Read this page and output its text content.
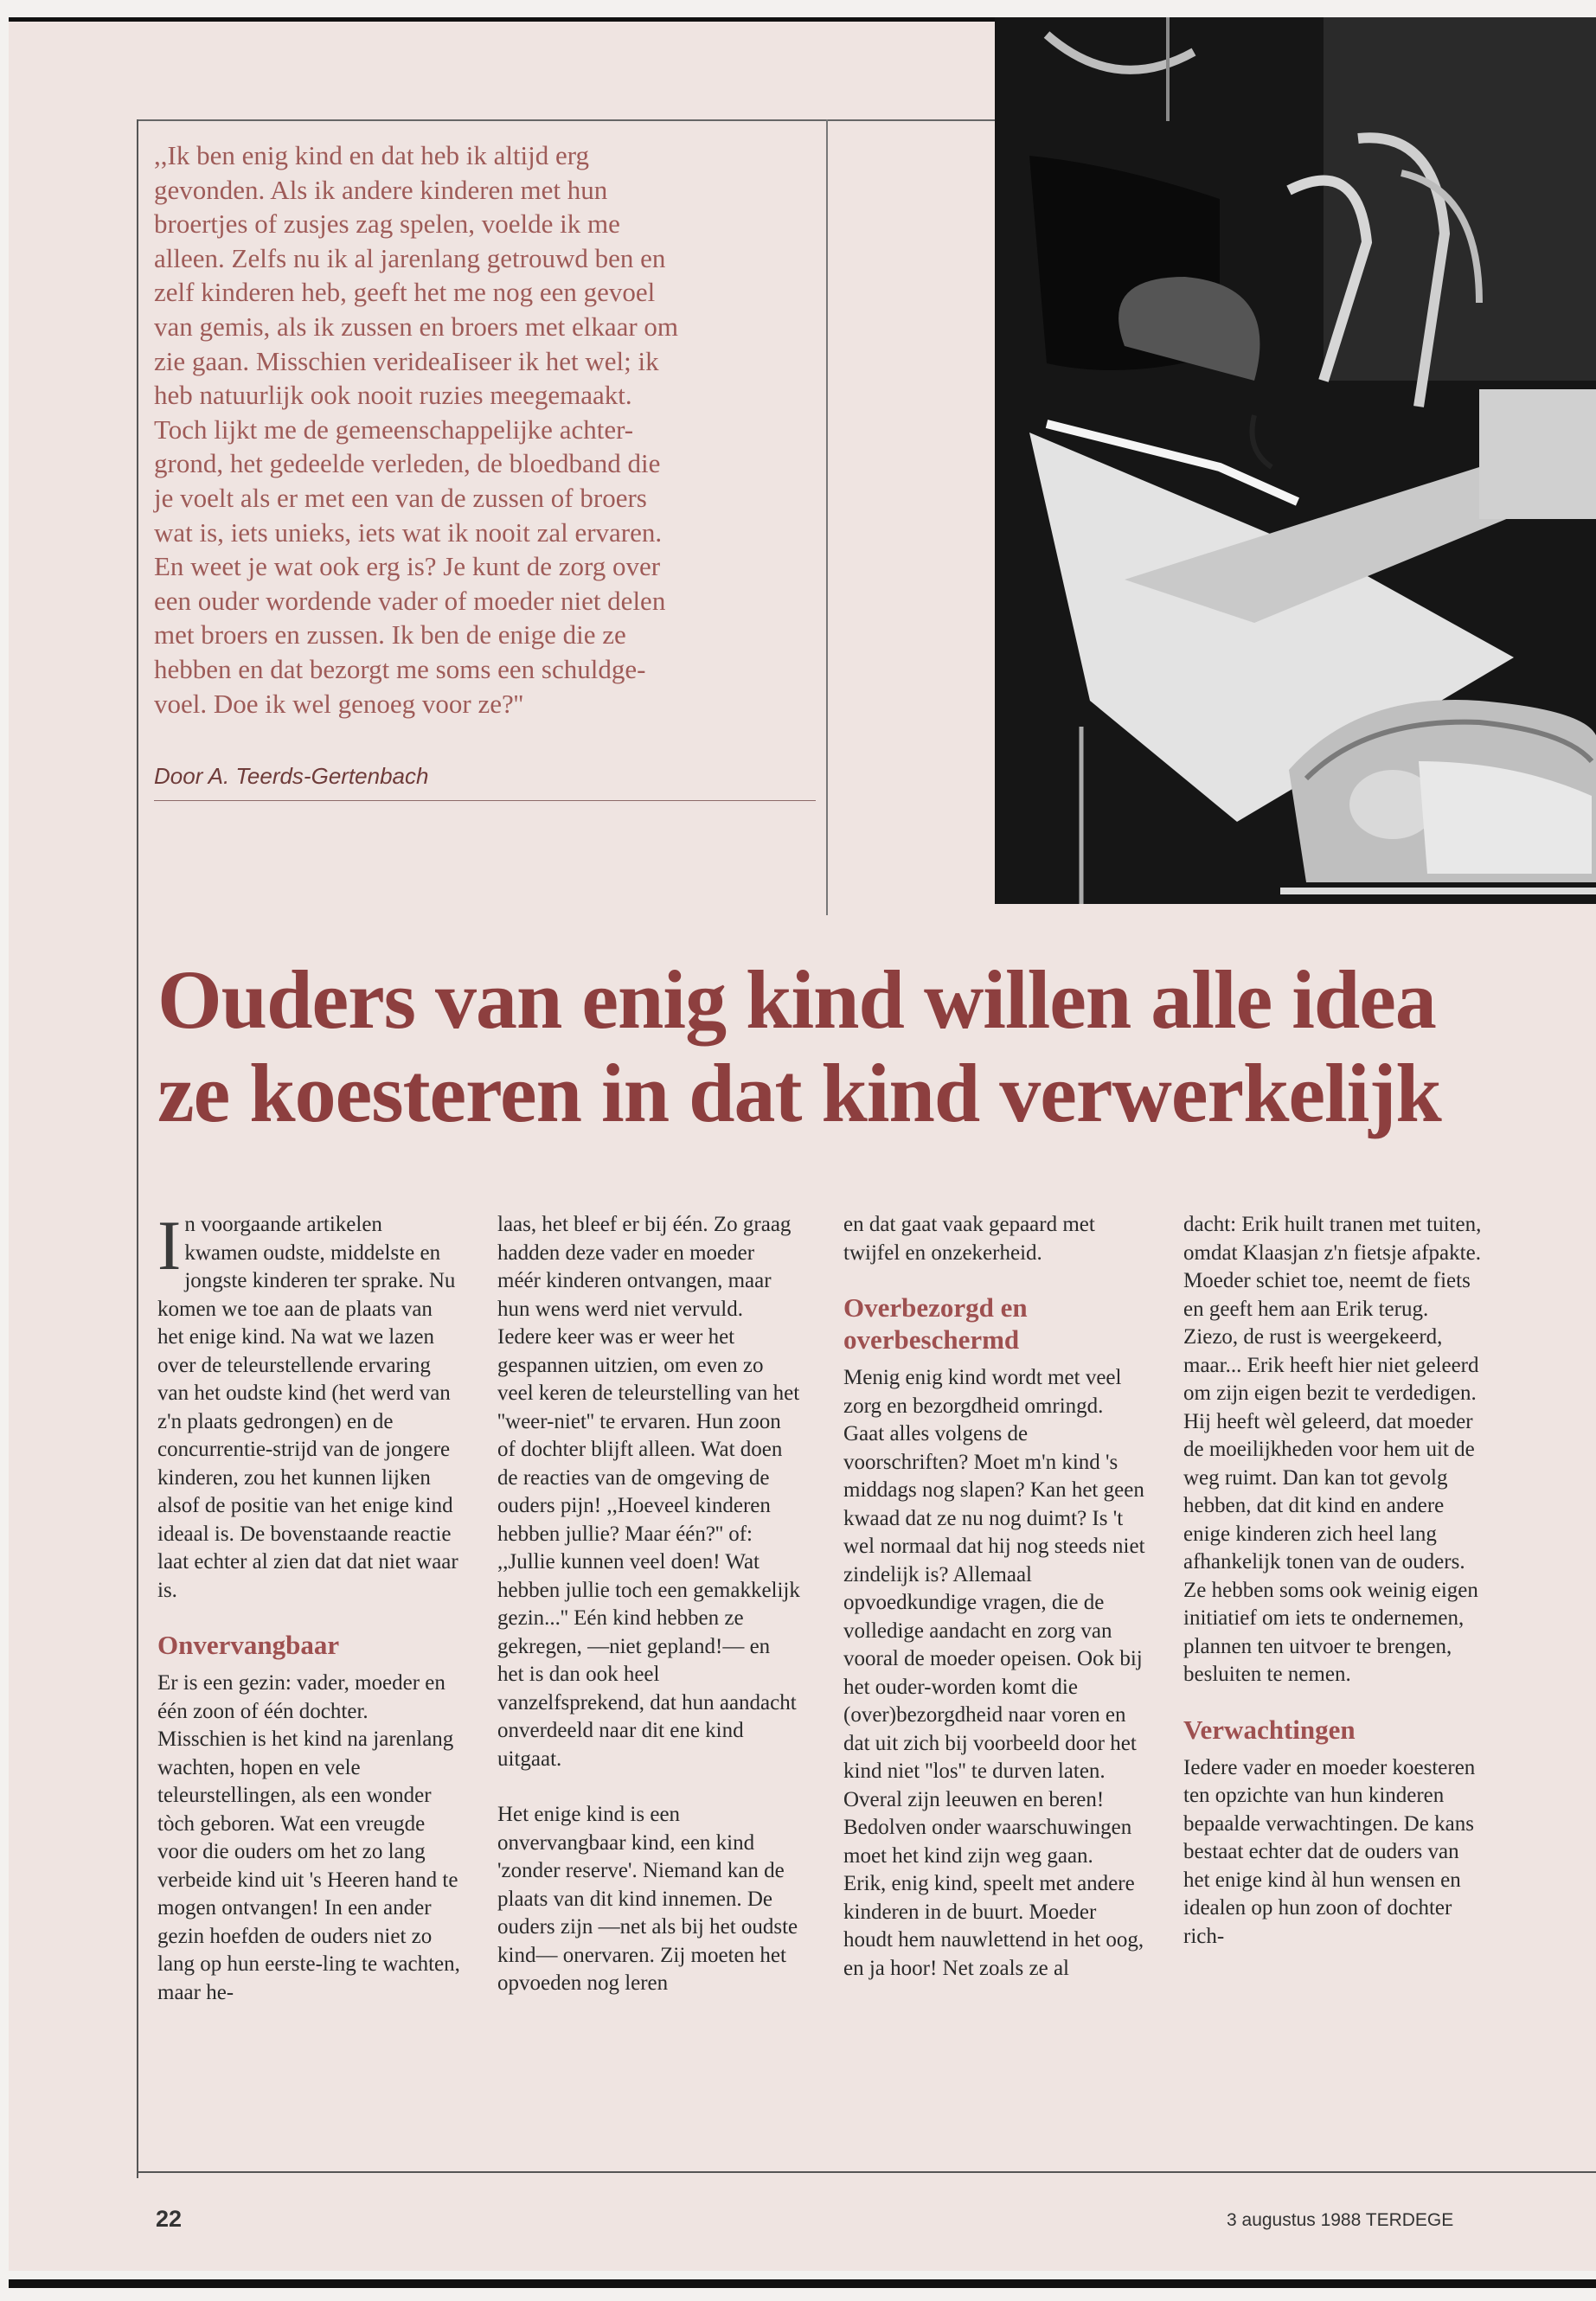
,,Ik ben enig kind en dat heb ik altijd erg
gevonden. Als ik andere kinderen met hun
broertjes of zusjes zag spelen, voelde ik me
alleen. Zelfs nu ik al jarenlang getrouwd ben en
zelf kinderen heb, geeft het me nog een gevoel
van gemis, als ik zussen en broers met elkaar om
zie gaan. Misschien verideaIiseer ik het wel; ik
heb natuurlijk ook nooit ruzies meegemaakt.
Toch lijkt me de gemeenschappelijke achter-
grond, het gedeelde verleden, de bloedband die
je voelt als er met een van de zussen of broers
wat is, iets unieks, iets wat ik nooit zal ervaren.
En weet je wat ook erg is? Je kunt de zorg over
een ouder wordende vader of moeder niet delen
met broers en zussen. Ik ben de enige die ze
hebben en dat bezorgt me soms een schuldge-
voel. Doe ik wel genoeg voor ze?''
Door A. Teerds-Gertenbach
Ouders van enig kind willen alle idea
ze koesteren in dat kind verwerkelijk

In voorgaande artikelen kwamen oudste, middelste en jongste kinderen ter sprake. Nu komen we toe aan de plaats van het enige kind. Na wat we lazen over de teleurstellende ervaring van het oudste kind (het werd van z'n plaats gedrongen) en de concurrentie-strijd van de jongere kinderen, zou het kunnen lijken alsof de positie van het enige kind ideaal is. De bovenstaande reactie laat echter al zien dat dat niet waar is.

Onvervangbaar

Er is een gezin: vader, moeder en één zoon of één dochter. Misschien is het kind na jarenlang wachten, hopen en vele teleurstellingen, als een wonder tòch geboren. Wat een vreugde voor die ouders om het zo lang verbeide kind uit 's Heeren hand te mogen ontvangen! In een ander gezin hoefden de ouders niet zo lang op hun eerste-ling te wachten, maar he-

laas, het bleef er bij één. Zo graag hadden deze vader en moeder méér kinderen ontvangen, maar hun wens werd niet vervuld. Iedere keer was er weer het gespannen uitzien, om even zo veel keren de teleurstelling van het ''weer-niet'' te ervaren. Hun zoon of dochter blijft alleen. Wat doen de reacties van de omgeving de ouders pijn! ,,Hoeveel kinderen hebben jullie? Maar één?'' of: ,,Jullie kunnen veel doen! Wat hebben jullie toch een gemakkelijk gezin...'' Eén kind hebben ze gekregen, —niet gepland!— en het is dan ook heel vanzelfsprekend, dat hun aandacht onverdeeld naar dit ene kind uitgaat.

Het enige kind is een onvervangbaar kind, een kind 'zonder reserve'. Niemand kan de plaats van dit kind innemen. De ouders zijn —net als bij het oudste kind— onervaren. Zij moeten het opvoeden nog leren

en dat gaat vaak gepaard met twijfel en onzekerheid.

Overbezorgd en overbeschermd

Menig enig kind wordt met veel zorg en bezorgdheid omringd. Gaat alles volgens de voorschriften? Moet m'n kind 's middags nog slapen? Kan het geen kwaad dat ze nu nog duimt? Is 't wel normaal dat hij nog steeds niet zindelijk is? Allemaal opvoedkundige vragen, die de volledige aandacht en zorg van vooral de moeder opeisen. Ook bij het ouder-worden komt die (over)bezorgdheid naar voren en dat uit zich bij voorbeeld door het kind niet ''los'' te durven laten. Overal zijn leeuwen en beren! Bedolven onder waarschuwingen moet het kind zijn weg gaan.

Erik, enig kind, speelt met andere kinderen in de buurt. Moeder houdt hem nauwlettend in het oog, en ja hoor! Net zoals ze al

dacht: Erik huilt tranen met tuiten, omdat Klaasjan z'n fietsje afpakte. Moeder schiet toe, neemt de fiets en geeft hem aan Erik terug. Ziezo, de rust is weergekeerd, maar... Erik heeft hier niet geleerd om zijn eigen bezit te verdedigen. Hij heeft wèl geleerd, dat moeder de moeilijkheden voor hem uit de weg ruimt. Dan kan tot gevolg hebben, dat dit kind en andere enige kinderen zich heel lang afhankelijk tonen van de ouders. Ze hebben soms ook weinig eigen initiatief om iets te ondernemen, plannen ten uitvoer te brengen, besluiten te nemen.

Verwachtingen

Iedere vader en moeder koesteren ten opzichte van hun kinderen bepaalde verwachtingen. De kans bestaat echter dat de ouders van het enige kind àl hun wensen en idealen op hun zoon of dochter rich-

22	3 augustus 1988 TERDEGE
